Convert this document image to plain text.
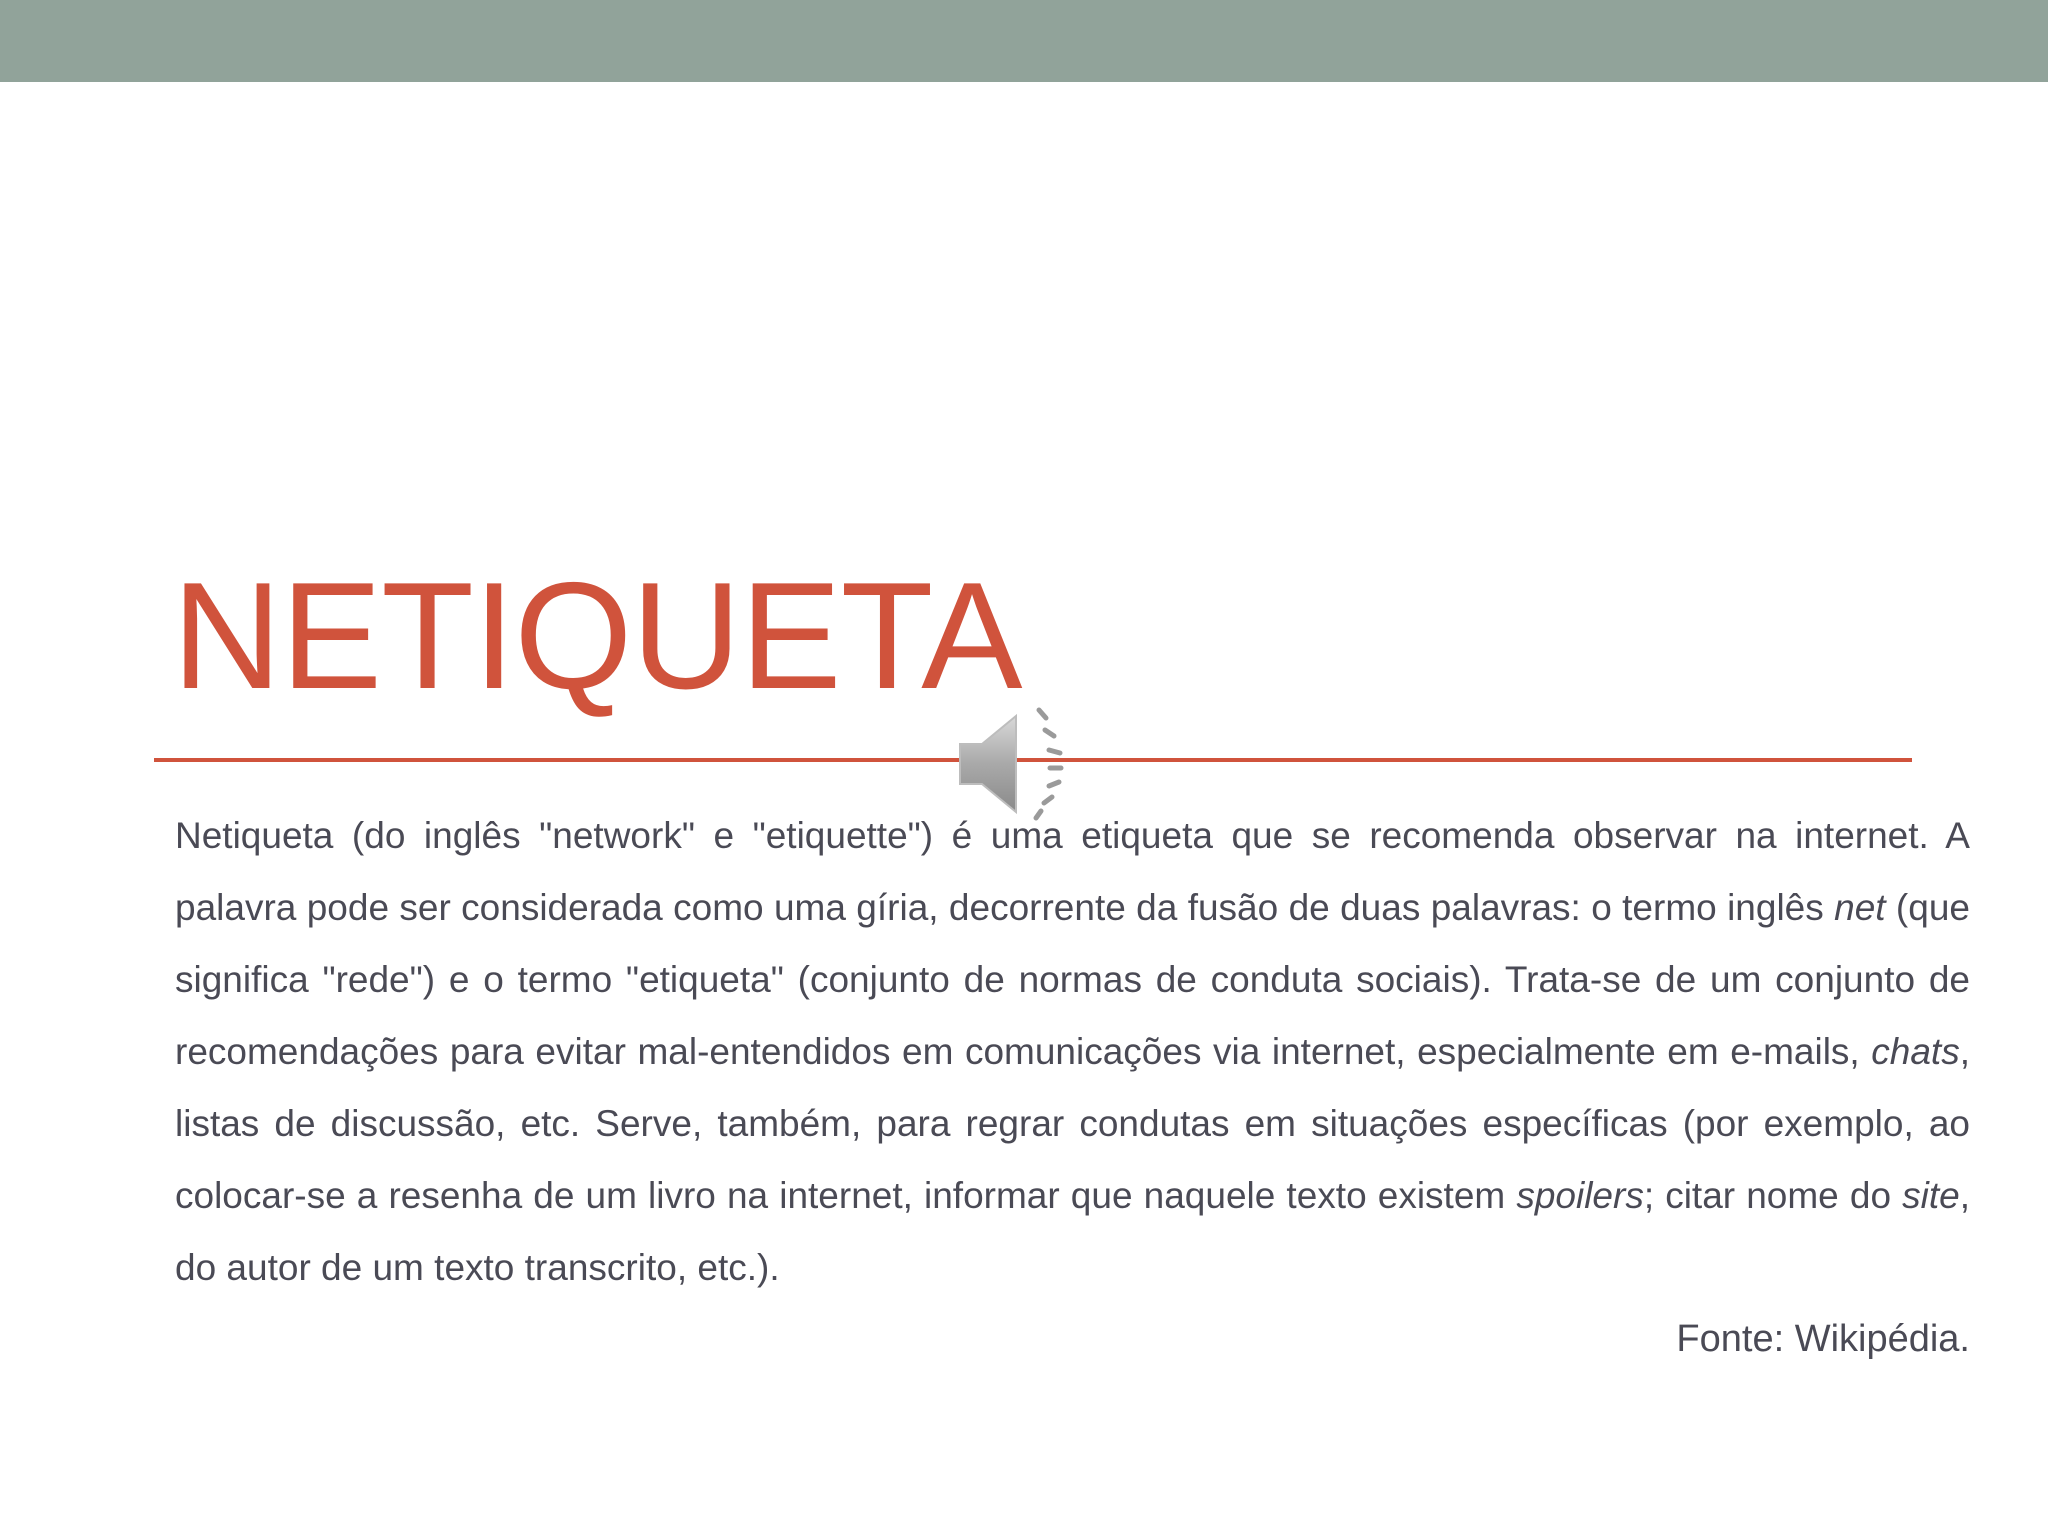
NETIQUETA

Netiqueta (do inglês "network" e "etiquette") é uma etiqueta que se recomenda observar na internet. A palavra pode ser considerada como uma gíria, decorrente da fusão de duas palavras: o termo inglês net (que significa "rede") e o termo "etiqueta" (conjunto de normas de conduta sociais). Trata-se de um conjunto de recomendações para evitar mal-entendidos em comunicações via internet, especialmente em e-mails, chats, listas de discussão, etc. Serve, também, para regrar condutas em situações específicas (por exemplo, ao colocar-se a resenha de um livro na internet, informar que naquele texto existem spoilers; citar nome do site, do autor de um texto transcrito, etc.).

Fonte: Wikipédia.
